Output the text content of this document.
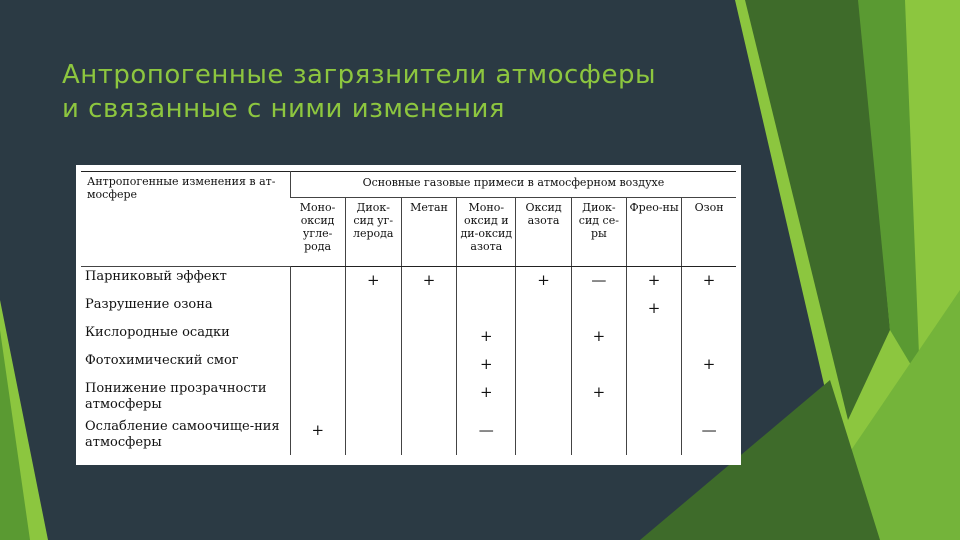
Антропогенные загрязнители атмосферы
и связанные с ними изменения
Антропогенные изменения в ат-мосфере	Основные газовые примеси в атмосферном воздухе							
	Моно-оксид угле-рода	Диок-сид уг-лерода	Метан	Моно-оксид и ди-оксид азота	Оксид азота	Диок-сид се-ры	Фрео-ны	Озон
Парниковый эффект		+	+		+	—	+	+

Разрушение озона							+	

Кислородные осадки				+		+		

Фотохимический смог				+				+

Понижение прозрачности атмосферы				+		+		

Ослабление самоочище-ния атмосферы	+			—				—
